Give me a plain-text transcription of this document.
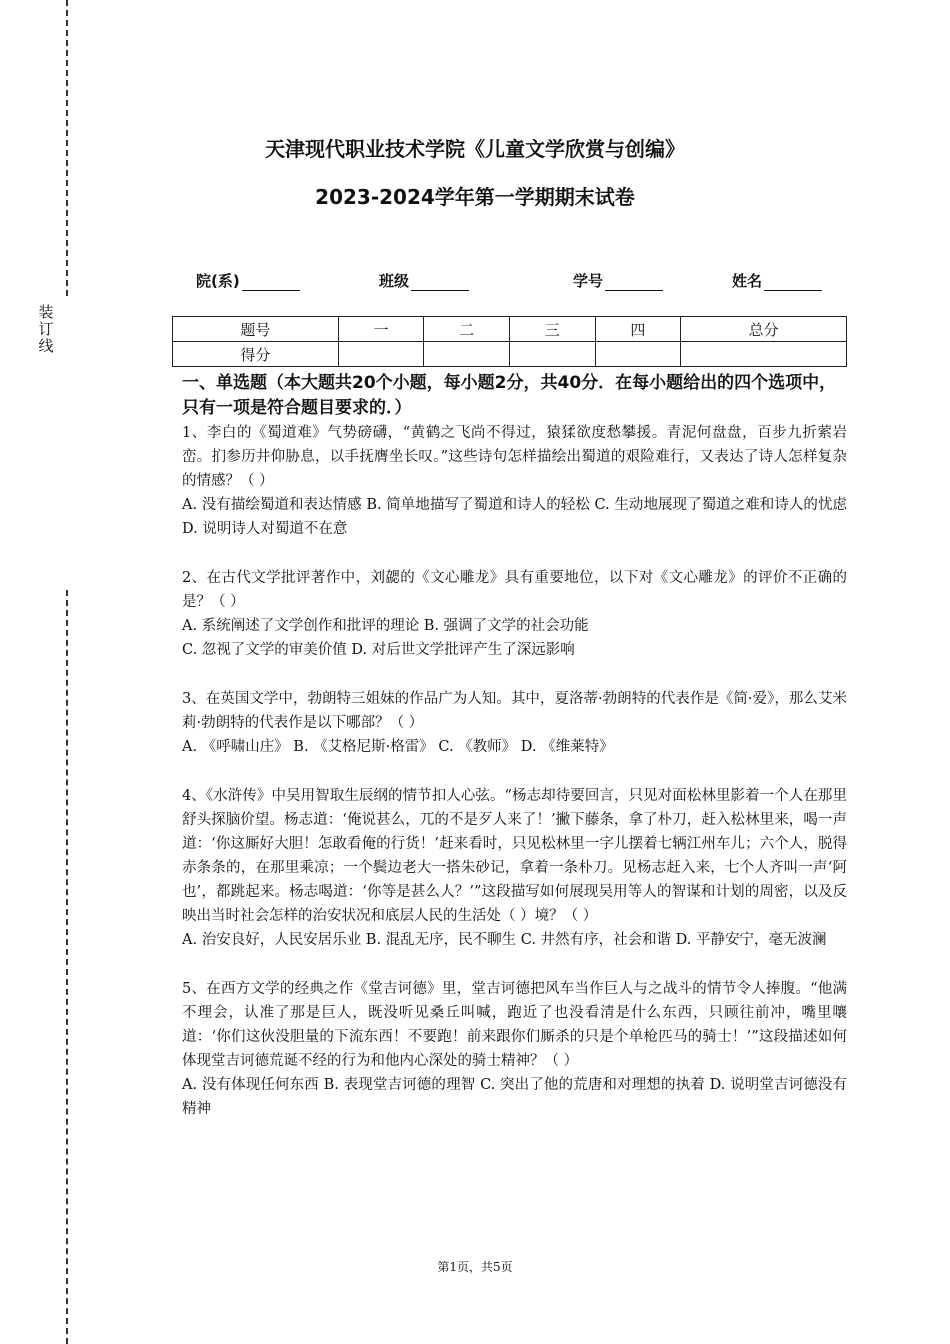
装订线
天津现代职业技术学院《儿童文学欣赏与创编》
2023-2024学年第一学期期末试卷
院(系)	班级	学号	姓名
题号	一	二	三	四	总分
得分					
一、单选题（本大题共20个小题，每小题2分，共40分．在每小题给出的四个选项中，只有一项是符合题目要求的．）
1、李白的《蜀道难》气势磅礴，“黄鹤之飞尚不得过，猿猱欲度愁攀援。青泥何盘盘，百步九折萦岩峦。扪参历井仰胁息，以手抚膺坐长叹。”这些诗句怎样描绘出蜀道的艰险难行，又表达了诗人怎样复杂的情感？（ ）
A. 没有描绘蜀道和表达情感 B. 简单地描写了蜀道和诗人的轻松 C. 生动地展现了蜀道之难和诗人的忧虑 D. 说明诗人对蜀道不在意
2、在古代文学批评著作中，刘勰的《文心雕龙》具有重要地位，以下对《文心雕龙》的评价不正确的是？（ ）
A. 系统阐述了文学创作和批评的理论 B. 强调了文学的社会功能
C. 忽视了文学的审美价值 D. 对后世文学批评产生了深远影响
3、在英国文学中，勃朗特三姐妹的作品广为人知。其中，夏洛蒂·勃朗特的代表作是《简·爱》，那么艾米莉·勃朗特的代表作是以下哪部？（ ）
A. 《呼啸山庄》 B. 《艾格尼斯·格雷》 C. 《教师》 D. 《维莱特》
4、《水浒传》中吴用智取生辰纲的情节扣人心弦。“杨志却待要回言，只见对面松林里影着一个人在那里舒头探脑价望。杨志道：‘俺说甚么，兀的不是歹人来了！’撇下藤条，拿了朴刀，赶入松林里来，喝一声道：‘你这厮好大胆！怎敢看俺的行货！’赶来看时，只见松林里一字儿摆着七辆江州车儿；六个人，脱得赤条条的，在那里乘凉；一个鬓边老大一搭朱砂记，拿着一条朴刀。见杨志赶入来，七个人齐叫一声‘阿也’，都跳起来。杨志喝道：‘你等是甚么人？’”这段描写如何展现吴用等人的智谋和计划的周密，以及反映出当时社会怎样的治安状况和底层人民的生活处（ ）境？（ ）
A. 治安良好，人民安居乐业 B. 混乱无序，民不聊生 C. 井然有序，社会和谐 D. 平静安宁，毫无波澜
5、在西方文学的经典之作《堂吉诃德》里，堂吉诃德把风车当作巨人与之战斗的情节令人捧腹。“他满不理会，认准了那是巨人，既没听见桑丘叫喊，跑近了也没看清是什么东西，只顾往前冲，嘴里嚷道：‘你们这伙没胆量的下流东西！不要跑！前来跟你们厮杀的只是个单枪匹马的骑士！’”这段描述如何体现堂吉诃德荒诞不经的行为和他内心深处的骑士精神？（ ）
A. 没有体现任何东西 B. 表现堂吉诃德的理智 C. 突出了他的荒唐和对理想的执着 D. 说明堂吉诃德没有精神
第1页，共5页
